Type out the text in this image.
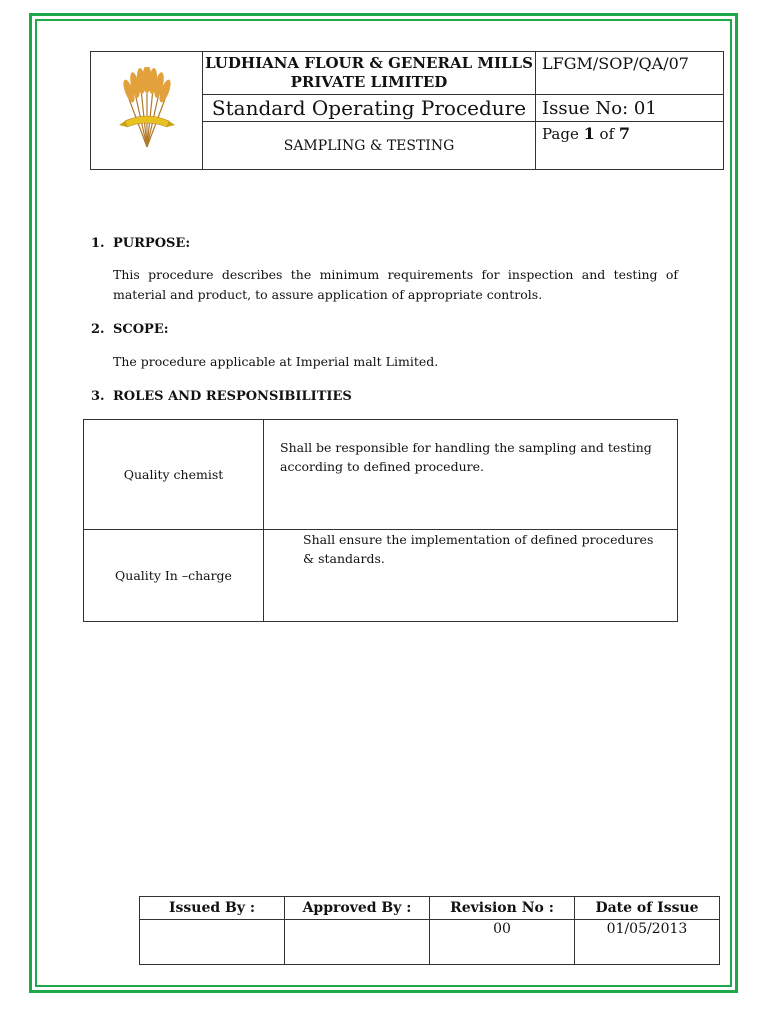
	LUDHIANA FLOUR & GENERAL MILLS PRIVATE LIMITED	LFGM/SOP/QA/07
	Standard Operating Procedure	Issue No: 01
	SAMPLING & TESTING	Page 1 of 7
1. PURPOSE:
This procedure describes the minimum requirements for inspection and testing of material and product, to assure application of appropriate controls.
2. SCOPE:
The procedure applicable at Imperial malt Limited.
3. ROLES AND RESPONSIBILITIES
Quality chemist	Shall be responsible for handling the sampling and testing according to defined procedure.
Quality In –charge	Shall ensure the implementation of defined procedures & standards.
Issued By :	Approved By :	Revision No :	Date of Issue
		00	01/05/2013
